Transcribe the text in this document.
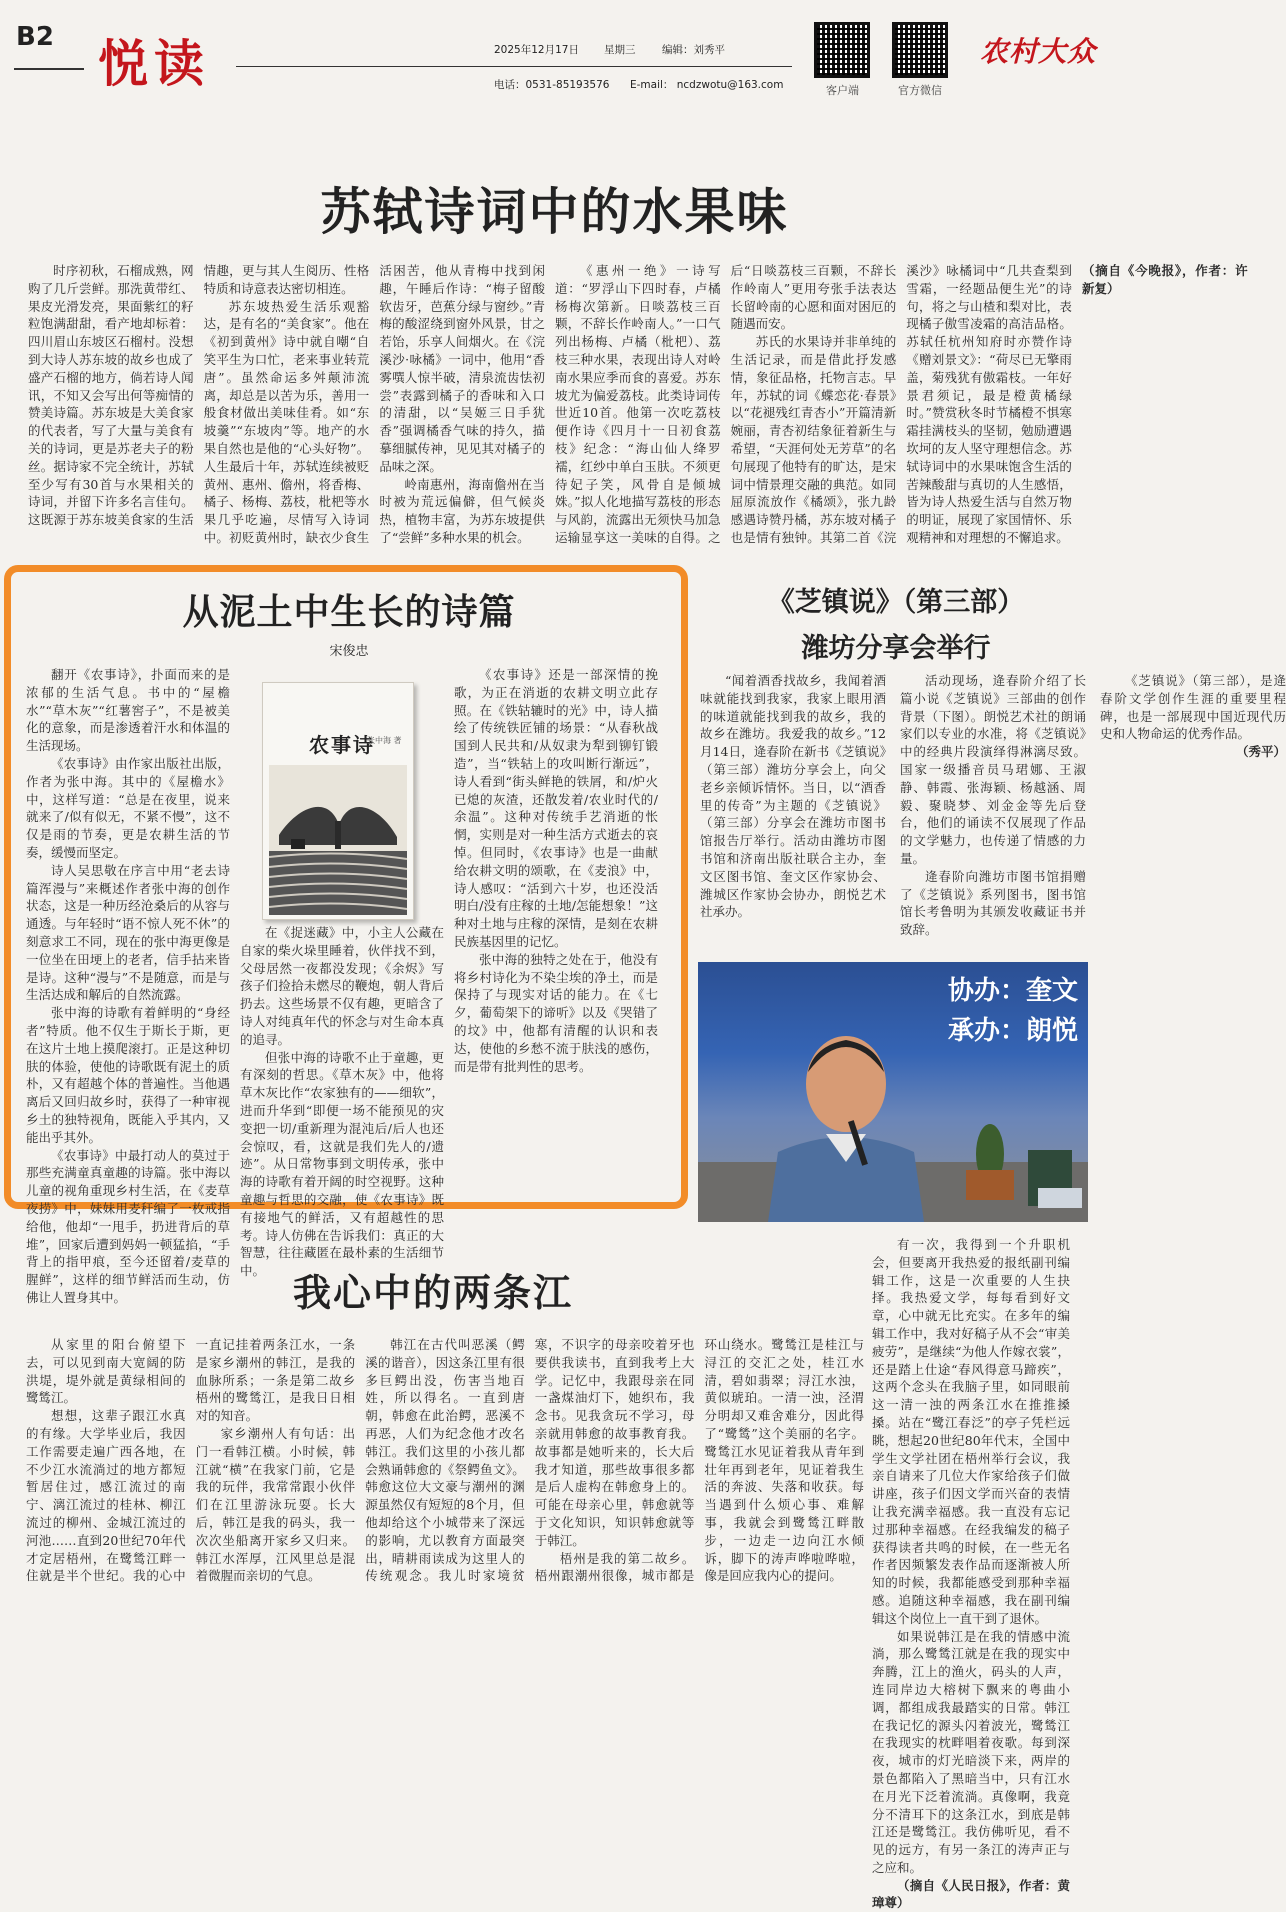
B2 悦读	2025年12月17日 星期三	编辑：刘秀平
电话：0531-85193576 E-mail： ncdzwotu@163.com	客户端	官方微信
农村大众
苏轼诗词中的水果味

时序初秋，石榴成熟，网购了几斤尝鲜。那洗黄带红、果皮光滑发亮，果面紫红的籽粒饱满甜甜，看产地却标着：四川眉山东坡区石榴村。没想到大诗人苏东坡的故乡也成了盛产石榴的地方，倘若诗人闻讯，不知又会写出何等痴情的赞美诗篇。苏东坡是大美食家的代表者，写了大量与美食有关的诗词，更是苏老夫子的粉丝。据诗家不完全统计，苏轼至少写有30首与水果相关的诗词，并留下许多名言佳句。这既源于苏东坡美食家的生活情趣，更与其人生阅历、性格特质和诗意表达密切相连。

苏东坡热爱生活乐观豁达，是有名的“美食家”。他在《初到黄州》诗中就自嘲“自笑平生为口忙，老来事业转荒唐”。虽然命运多舛颠沛流离，却总是以苦为乐，善用一般食材做出美味佳肴。如“东坡羹”“东坡肉”等。地产的水果自然也是他的“心头好物”。人生最后十年，苏轼连续被贬黄州、惠州、儋州，将香梅、橘子、杨梅、荔枝，枇杷等水果几乎吃遍，尽情写入诗词中。初贬黄州时，缺衣少食生活困苦，他从青梅中找到闲趣，午睡后作诗：“梅子留酸软齿牙，芭蕉分绿与窗纱。”青梅的酸涩绕到窗外风景，甘之若饴，乐享人间烟火。在《浣溪沙·咏橘》一词中，他用“香雾噀人惊半破，清泉流齿怯初尝”表露到橘子的香味和入口的清甜，以“吴姬三日手犹香”强调橘香气味的持久，描摹细腻传神，见见其对橘子的品味之深。

岭南惠州，海南儋州在当时被为荒远偏僻，但气候炎热，植物丰富，为苏东坡提供了“尝鲜”多种水果的机会。

《惠州一绝》一诗写道：“罗浮山下四时春，卢橘杨梅次第新。日啖荔枝三百颗，不辞长作岭南人。”一口气列出杨梅、卢橘（枇杷）、荔枝三种水果，表现出诗人对岭南水果应季而食的喜爱。苏东坡尤为偏爱荔枝。此类诗词传世近10首。他第一次吃荔枝便作诗《四月十一日初食荔枝》纪念：“海山仙人绛罗襦，红纱中单白玉肤。不须更待妃子笑，风骨自是倾城姝。”拟人化地描写荔枝的形态与风韵，流露出无须快马加急运输显享这一美味的自得。之后“日啖荔枝三百颗，不辞长作岭南人”更用夸张手法表达长留岭南的心愿和面对困厄的随遇而安。

苏氏的水果诗并非单纯的生活记录，而是借此抒发感情，象征品格，托物言志。早年，苏轼的词《蝶恋花·春景》以“花褪残红青杏小”开篇清新婉丽，青杏初结象征着新生与希望，“天涯何处无芳草”的名句展现了他特有的旷达，是宋词中情景理交融的典范。如同屈原流放作《橘颂》，张九龄感遇诗赞丹橘，苏东坡对橘子也是情有独钟。其第二首《浣溪沙》咏橘词中“几共查梨到雪霜，一经题品便生光”的诗句，将之与山楂和梨对比，表现橘子傲雪凌霜的高洁品格。苏轼任杭州知府时亦赞作诗《赠刘景文》：“荷尽已无擎雨盖，菊残犹有傲霜枝。一年好景君须记，最是橙黄橘绿时。”赞赏秋冬时节橘橙不惧寒霜挂满枝头的坚韧，勉励遭遇坎坷的友人坚守理想信念。苏轼诗词中的水果味饱含生活的苦辣酸甜与真切的人生感悟，皆为诗人热爱生活与自然万物的明证，展现了家国情怀、乐观精神和对理想的不懈追求。

（摘自《今晚报》，作者：许新复）

从泥土中生长的诗篇
宋俊忠
农事诗
张中海 著

翻开《农事诗》，扑面而来的是浓郁的生活气息。书中的“屋檐水”“草木灰”“红薯窖子”，不是被美化的意象，而是渗透着汗水和体温的生活现场。

《农事诗》由作家出版社出版，作者为张中海。其中的《屋檐水》中，这样写道：“总是在夜里，说来就来了/似有似无，不紧不慢”，这不仅是雨的节奏，更是农耕生活的节奏，缓慢而坚定。

诗人吴思敬在序言中用“老去诗篇浑漫与”来概述作者张中海的创作状态，这是一种历经沧桑后的从容与通透。与年轻时“语不惊人死不休”的刻意求工不同，现在的张中海更像是一位坐在田埂上的老者，信手拈来皆是诗。这种“漫与”不是随意，而是与生活达成和解后的自然流露。

张中海的诗歌有着鲜明的“身经者”特质。他不仅生于斯长于斯，更在这片土地上摸爬滚打。正是这种切肤的体验，使他的诗歌既有泥土的质朴，又有超越个体的普遍性。当他遇离后又回归故乡时，获得了一种审视乡土的独特视角，既能入乎其内，又能出乎其外。

《农事诗》中最打动人的莫过于那些充满童真童趣的诗篇。张中海以儿童的视角重现乡村生活，在《麦草夜捞》中，妹妹用麦秆编了一枚戒指给他，他却“一甩手，扔进背后的草堆”，回家后遭到妈妈一顿猛掐，“手背上的指甲痕，至今还留着/麦草的腥鲜”，这样的细节鲜活而生动，仿佛让人置身其中。

在《捉迷藏》中，小主人公藏在自家的柴火垛里睡着，伙伴找不到，父母居然一夜都没发现；《余烬》写孩子们捡拾未燃尽的鞭炮，朝人背后扔去。这些场景不仅有趣，更暗含了诗人对纯真年代的怀念与对生命本真的追寻。

但张中海的诗歌不止于童趣，更有深刻的哲思。《草木灰》中，他将草木灰比作“农家独有的——细软”，进而升华到“即便一场不能预见的灾变把一切/重新理为混沌后/后人也还会惊叹，看，这就是我们先人的/遗迹”。从日常物事到文明传承，张中海的诗歌有着开阔的时空视野。这种童趣与哲思的交融，使《农事诗》既有接地气的鲜活，又有超越性的思考。诗人仿佛在告诉我们：真正的大智慧，往往藏匿在最朴素的生活细节中。

《农事诗》还是一部深情的挽歌，为正在消逝的农耕文明立此存照。在《铁轱辘时的光》中，诗人描绘了传统铁匠铺的场景：“从春秋战国到人民共和/从奴隶为犁到铆钉锻造”，当“铁轱上的攻叫断行渐远”，诗人看到“街头鲜艳的铁屑，和/炉火已熄的灰渣，还散发着/农业时代的/余温”。这种对传统手艺消逝的怅惘，实则是对一种生活方式逝去的哀悼。但同时，《农事诗》也是一曲献给农耕文明的颂歌，在《麦浪》中，诗人感叹：“活到六十岁，也还没活明白/没有庄稼的土地/怎能想象！”这种对土地与庄稼的深情，是刻在农耕民族基因里的记忆。

张中海的独特之处在于，他没有将乡村诗化为不染尘埃的净土，而是保持了与现实对话的能力。在《七夕，葡萄架下的谛听》以及《哭错了的坟》中，他都有清醒的认识和表达，使他的乡愁不流于肤浅的感伤，而是带有批判性的思考。

《芝镇说》（第三部）
潍坊分享会举行

“闻着酒香找故乡，我闻着酒味就能找到我家，我家上眼用酒的味道就能找到我的故乡，我的故乡在潍坊。我爱我的故乡。”12月14日，逄春阶在新书《芝镇说》（第三部）潍坊分享会上，向父老乡亲倾诉情怀。当日，以“酒香里的传奇”为主题的《芝镇说》（第三部）分享会在潍坊市图书馆报告厅举行。活动由潍坊市图书馆和济南出版社联合主办，奎文区图书馆、奎文区作家协会、潍城区作家协会协办，朗悦艺术社承办。

活动现场，逄春阶介绍了长篇小说《芝镇说》三部曲的创作背景（下图）。朗悦艺术社的朗诵家们以专业的水准，将《芝镇说》中的经典片段演绎得淋漓尽致。国家一级播音员马珺娜、王淑静、韩霞、张海颖、杨越涵、周毅、聚晓梦、刘金金等先后登台，他们的诵读不仅展现了作品的文学魅力，也传递了情感的力量。

逄春阶向潍坊市图书馆捐赠了《芝镇说》系列图书，图书馆馆长考鲁明为其颁发收藏证书并致辞。

《芝镇说》（第三部），是逄春阶文学创作生涯的重要里程碑，也是一部展现中国近现代历史和人物命运的优秀作品。

（秀平）

协办：奎文
承办：朗悦
我心中的两条江

从家里的阳台俯望下去，可以见到南大宽阔的防洪堤，堤外就是黄绿相间的鹭鸶江。

想想，这辈子跟江水真的有缘。大学毕业后，我因工作需要走遍广西各地，在不少江水流淌过的地方都短暂居住过，感江流过的南宁、漓江流过的桂林、柳江流过的柳州、金城江流过的河池……直到20世纪70年代才定居梧州，在鹭鸶江畔一住就是半个世纪。我的心中一直记挂着两条江水，一条是家乡潮州的韩江，是我的血脉所系；一条是第二故乡梧州的鹭鸶江，是我日日相对的知音。

家乡潮州人有句话：出门一看韩江横。小时候，韩江就“横”在我家门前，它是我的玩伴，我常常跟小伙伴们在江里游泳玩耍。长大后，韩江是我的码头，我一次次坐船离开家乡又归来。韩江水浑厚，江风里总是混着微腥而亲切的气息。

韩江在古代叫恶溪（鳄溪的谐音），因这条江里有很多巨鳄出没，伤害当地百姓，所以得名。一直到唐朝，韩愈在此治鳄，恶溪不再恶，人们为纪念他才改名韩江。我们这里的小孩儿都会熟诵韩愈的《祭鳄鱼文》。韩愈这位大文豪与潮州的渊源虽然仅有短短的8个月，但他却给这个小城带来了深远的影响，尤以教育方面最突出，晴耕雨读成为这里人的传统观念。我儿时家境贫寒，不识字的母亲咬着牙也要供我读书，直到我考上大学。记忆中，我跟母亲在同一盏煤油灯下，她织布，我念书。见我贪玩不学习，母亲就用韩愈的故事教育我。故事都是她听来的，长大后我才知道，那些故事很多都是后人虚构在韩愈身上的。可能在母亲心里，韩愈就等于文化知识，知识韩愈就等于韩江。

梧州是我的第二故乡。梧州跟潮州很像，城市都是环山绕水。鹭鸶江是桂江与浔江的交汇之处，桂江水清，碧如翡翠；浔江水浊，黄似琥珀。一清一浊，泾渭分明却又难舍难分，因此得了“鹭鸶”这个美丽的名字。鹭鸶江水见证着我从青年到壮年再到老年，见证着我生活的奔波、失落和收获。每当遇到什么烦心事、难解事，我就会到鹭鸶江畔散步，一边走一边向江水倾诉，脚下的涛声哗啦哗啦，像是回应我内心的提问。

有一次，我得到一个升职机会，但要离开我热爱的报纸副刊编辑工作，这是一次重要的人生抉择。我热爱文学，每每看到好文章，心中就无比充实。在多年的编辑工作中，我对好稿子从不会“审美疲劳”，是继续“为他人作嫁衣裳”，还是踏上仕途“春风得意马蹄疾”，这两个念头在我脑子里，如同眼前这一清一浊的两条江水在推推搡搡。站在“鹭江春泛”的亭子凭栏远眺，想起20世纪80年代末，全国中学生文学社团在梧州举行会议，我亲自请来了几位大作家给孩子们做讲座，孩子们因文学而兴奋的表情让我充满幸福感。我一直没有忘记过那种幸福感。在经我编发的稿子获得读者共鸣的时候，在一些无名作者因频繁发表作品而逐渐被人所知的时候，我都能感受到那种幸福感。追随这种幸福感，我在副刊编辑这个岗位上一直干到了退休。

如果说韩江是在我的情感中流淌，那么鹭鸶江就是在我的现实中奔腾，江上的渔火，码头的人声，连同岸边大榕树下飘来的粤曲小调，都组成我最踏实的日常。韩江在我记忆的源头闪着波光，鹭鸶江在我现实的枕畔唱着夜歌。每到深夜，城市的灯光暗淡下来，两岸的景色都陷入了黑暗当中，只有江水在月光下泛着流淌。真像啊，我竟分不清耳下的这条江水，到底是韩江还是鹭鸶江。我仿佛听见，看不见的远方，有另一条江的涛声正与之应和。

（摘自《人民日报》，作者：黄璋尊）
